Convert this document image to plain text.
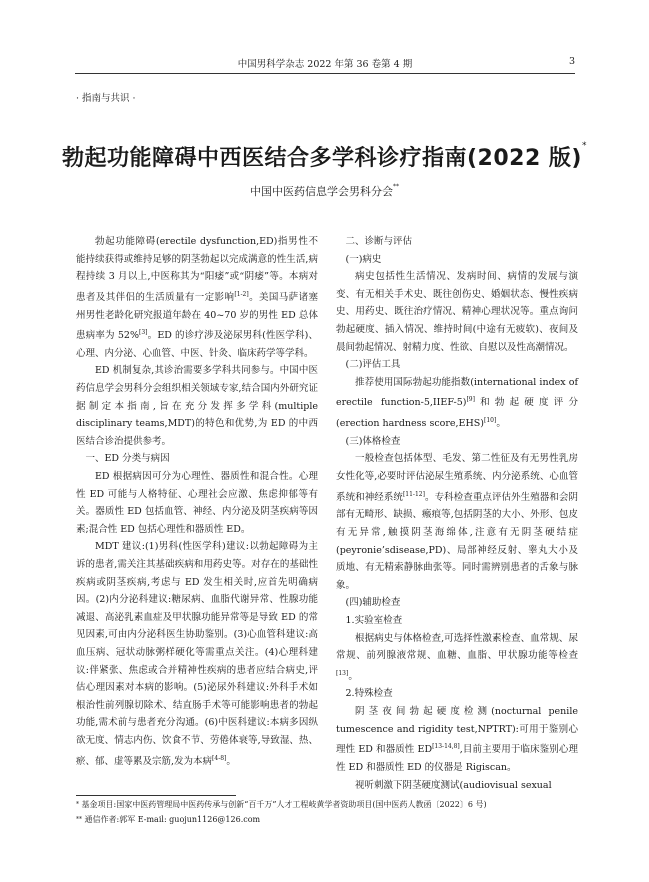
中国男科学杂志 2022 年第 36 卷第 4 期	3
· 指南与共识 ·
勃起功能障碍中西医结合多学科诊疗指南(2022 版)*
中国中医药信息学会男科分会**

勃起功能障碍(erectile dysfunction,ED)指男性不能持续获得或维持足够的阴茎勃起以完成满意的性生活,病程持续 3 月以上,中医称其为“阳痿”或“阴痿”等。本病对患者及其伴侣的生活质量有一定影响[1-2]。美国马萨诸塞州男性老龄化研究报道年龄在 40~70 岁的男性 ED 总体患病率为 52%[3]。ED 的诊疗涉及泌尿男科(性医学科)、心理、内分泌、心血管、中医、针灸、临床药学等学科。

ED 机制复杂,其诊治需要多学科共同参与。中国中医药信息学会男科分会组织相关领域专家,结合国内外研究证据制定本指南,旨在充分发挥多学科(multiple disciplinary teams,MDT)的特色和优势,为 ED 的中西医结合诊治提供参考。

一、ED 分类与病因

ED 根据病因可分为心理性、器质性和混合性。心理性 ED 可能与人格特征、心理社会应激、焦虑抑郁等有关。器质性 ED 包括血管、神经、内分泌及阴茎疾病等因素;混合性 ED 包括心理性和器质性 ED。

MDT 建议:(1)男科(性医学科)建议:以勃起障碍为主诉的患者,需关注其基础疾病和用药史等。对存在的基础性疾病或阴茎疾病,考虑与 ED 发生相关时,应首先明确病因。(2)内分泌科建议:糖尿病、血脂代谢异常、性腺功能减退、高泌乳素血症及甲状腺功能异常等是导致 ED 的常见因素,可由内分泌科医生协助鉴别。(3)心血管科建议:高血压病、冠状动脉粥样硬化等需重点关注。(4)心理科建议:伴紧张、焦虑或合并精神性疾病的患者应结合病史,评估心理因素对本病的影响。(5)泌尿外科建议:外科手术如根治性前列腺切除术、结直肠手术等可能影响患者的勃起功能,需术前与患者充分沟通。(6)中医科建议:本病多因纵欲无度、情志内伤、饮食不节、劳倦体衰等,导致湿、热、瘀、郁、虚等累及宗筋,发为本病[4-8]。

二、诊断与评估

(一)病史

病史包括性生活情况、发病时间、病情的发展与演变、有无相关手术史、既往创伤史、婚姻状态、慢性疾病史、用药史、既往治疗情况、精神心理状况等。重点询问勃起硬度、插入情况、维持时间(中途有无疲软)、夜间及晨间勃起情况、射精力度、性欲、自慰以及性高潮情况。

(二)评估工具

推荐使用国际勃起功能指数(international index of erectile function-5,IIEF-5)[9]和勃起硬度评分(erection hardness score,EHS)[10]。

(三)体格检查

一般检查包括体型、毛发、第二性征及有无男性乳房女性化等,必要时评估泌尿生殖系统、内分泌系统、心血管系统和神经系统[11-12]。专科检查重点评估外生殖器和会阴部有无畸形、缺损、瘢痕等,包括阴茎的大小、外形、包皮有无异常,触摸阴茎海绵体,注意有无阴茎硬结症(peyronie’sdisease,PD)、局部神经反射、睾丸大小及质地、有无精索静脉曲张等。同时需辨别患者的舌象与脉象。

(四)辅助检查

1.实验室检查

根据病史与体格检查,可选择性激素检查、血常规、尿常规、前列腺液常规、血糖、血脂、甲状腺功能等检查[13]。

2.特殊检查

阴茎夜间勃起硬度检测(nocturnal penile tumescence and rigidity test,NPTRT):可用于鉴别心理性 ED 和器质性 ED[13-14,8],目前主要用于临床鉴别心理性 ED 和器质性 ED 的仪器是 Rigiscan。

视听刺激下阴茎硬度测试(audiovisual sexual

* 基金项目:国家中医药管理局中医药传承与创新“百千万”人才工程岐黄学者资助项目(国中医药人教函〔2022〕6 号)
** 通信作者:郭军 E-mail: guojun1126@126.com
